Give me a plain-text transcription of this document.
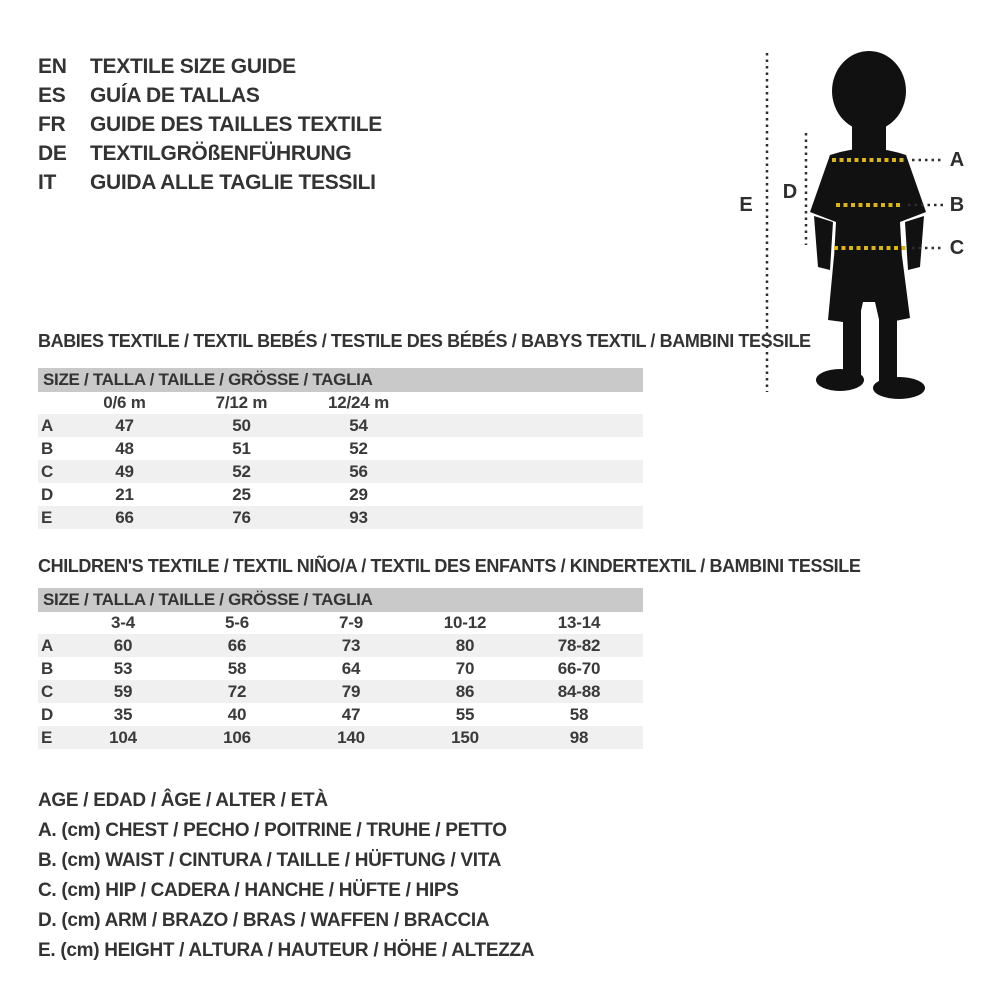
EN	TEXTILE SIZE GUIDE
ES	GUÍA DE TALLAS
FR	GUIDE DES TAILLES TEXTILE
DE	TEXTILGRÖßENFÜHRUNG
IT	GUIDA ALLE TAGLIE TESSILI
A
B
C
D
E
BABIES TEXTILE / TEXTIL BEBÉS / TESTILE DES BÉBÉS / BABYS TEXTIL / BAMBINI TESSILE
SIZE / TALLA / TAILLE / GRÖSSE / TAGLIA
	0/6 m	7/12 m	12/24 m	
A	47	50	54	
B	48	51	52	
C	49	52	56	
D	21	25	29	
E	66	76	93	
CHILDREN'S TEXTILE / TEXTIL NIÑO/A / TEXTIL DES ENFANTS / KINDERTEXTIL / BAMBINI TESSILE
SIZE / TALLA / TAILLE / GRÖSSE / TAGLIA
	3-4	5-6	7-9	10-12	13-14	
A	60	66	73	80	78-82	
B	53	58	64	70	66-70	
C	59	72	79	86	84-88	
D	35	40	47	55	58	
E	104	106	140	150	98	
AGE / EDAD / ÂGE / ALTER / ETÀ
A. (cm) CHEST / PECHO / POITRINE / TRUHE / PETTO
B. (cm) WAIST / CINTURA / TAILLE / HÜFTUNG / VITA
C. (cm) HIP / CADERA / HANCHE / HÜFTE / HIPS
D. (cm) ARM / BRAZO / BRAS / WAFFEN / BRACCIA
E. (cm) HEIGHT / ALTURA / HAUTEUR / HÖHE / ALTEZZA
